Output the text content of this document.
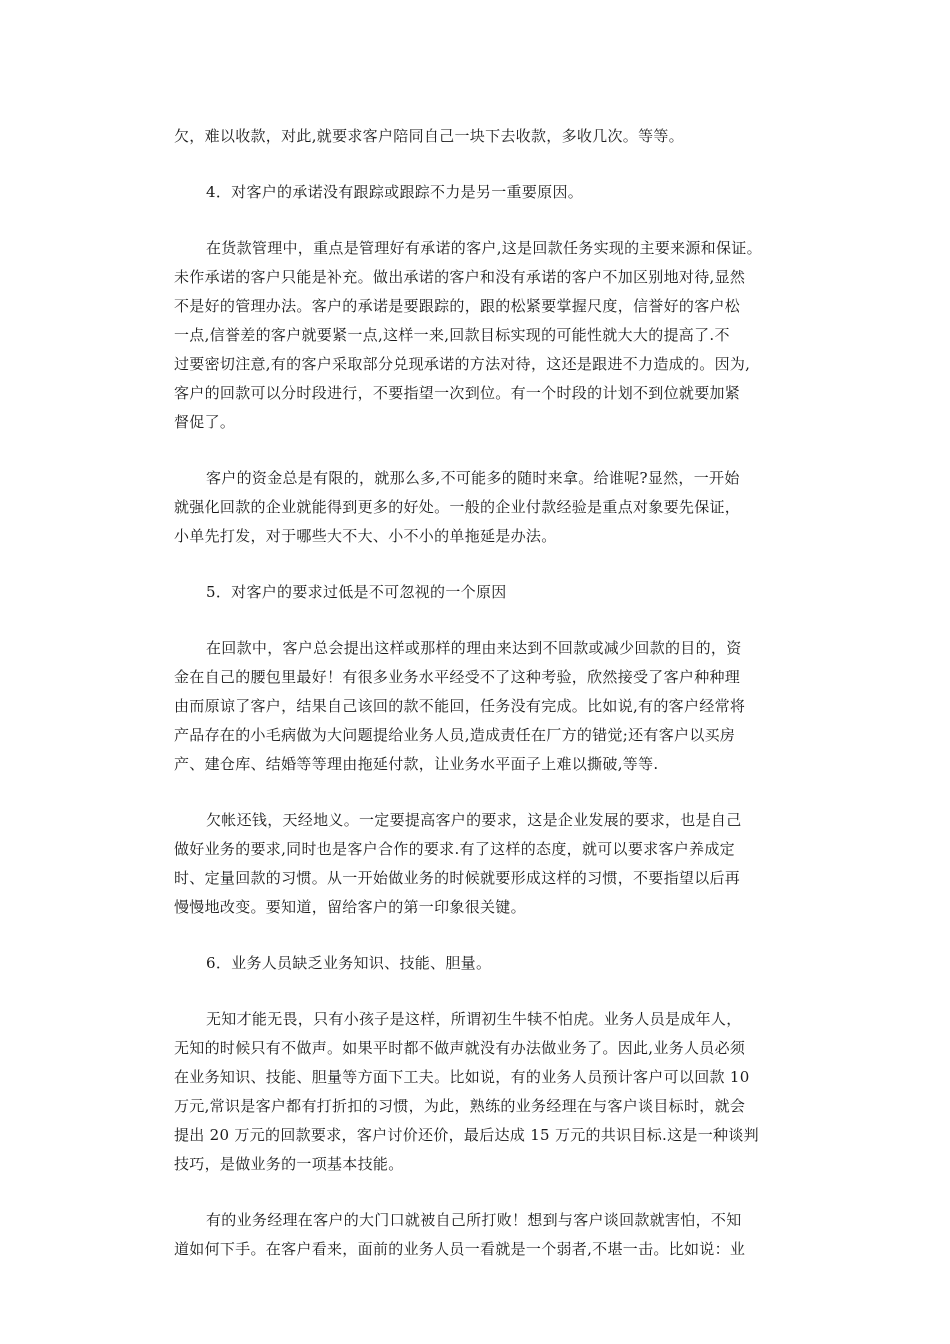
欠，难以收款，对此,就要求客户陪同自己一块下去收款，多收几次。等等。
4．对客户的承诺没有跟踪或跟踪不力是另一重要原因。
在货款管理中，重点是管理好有承诺的客户,这是回款任务实现的主要来源和保证。
未作承诺的客户只能是补充。做出承诺的客户和没有承诺的客户不加区别地对待,显然
不是好的管理办法。客户的承诺是要跟踪的，跟的松紧要掌握尺度，信誉好的客户松
一点,信誉差的客户就要紧一点,这样一来,回款目标实现的可能性就大大的提高了.不
过要密切注意,有的客户采取部分兑现承诺的方法对待，这还是跟进不力造成的。因为,
客户的回款可以分时段进行，不要指望一次到位。有一个时段的计划不到位就要加紧
督促了。
客户的资金总是有限的，就那么多,不可能多的随时来拿。给谁呢?显然，一开始
就强化回款的企业就能得到更多的好处。一般的企业付款经验是重点对象要先保证，
小单先打发，对于哪些大不大、小不小的单拖延是办法。
5．对客户的要求过低是不可忽视的一个原因
在回款中，客户总会提出这样或那样的理由来达到不回款或减少回款的目的，资
金在自己的腰包里最好！有很多业务水平经受不了这种考验，欣然接受了客户种种理
由而原谅了客户，结果自己该回的款不能回，任务没有完成。比如说,有的客户经常将
产品存在的小毛病做为大问题提给业务人员,造成责任在厂方的错觉;还有客户以买房
产、建仓库、结婚等等理由拖延付款，让业务水平面子上难以撕破,等等.
欠帐还钱，天经地义。一定要提高客户的要求，这是企业发展的要求，也是自己
做好业务的要求,同时也是客户合作的要求.有了这样的态度，就可以要求客户养成定
时、定量回款的习惯。从一开始做业务的时候就要形成这样的习惯，不要指望以后再
慢慢地改变。要知道，留给客户的第一印象很关键。
6．业务人员缺乏业务知识、技能、胆量。
无知才能无畏，只有小孩子是这样，所谓初生牛犊不怕虎。业务人员是成年人，
无知的时候只有不做声。如果平时都不做声就没有办法做业务了。因此,业务人员必须
在业务知识、技能、胆量等方面下工夫。比如说，有的业务人员预计客户可以回款 10
万元,常识是客户都有打折扣的习惯，为此，熟练的业务经理在与客户谈目标时，就会
提出 20 万元的回款要求，客户讨价还价，最后达成 15 万元的共识目标.这是一种谈判
技巧，是做业务的一项基本技能。
有的业务经理在客户的大门口就被自己所打败！想到与客户谈回款就害怕，不知
道如何下手。在客户看来，面前的业务人员一看就是一个弱者,不堪一击。比如说：业
